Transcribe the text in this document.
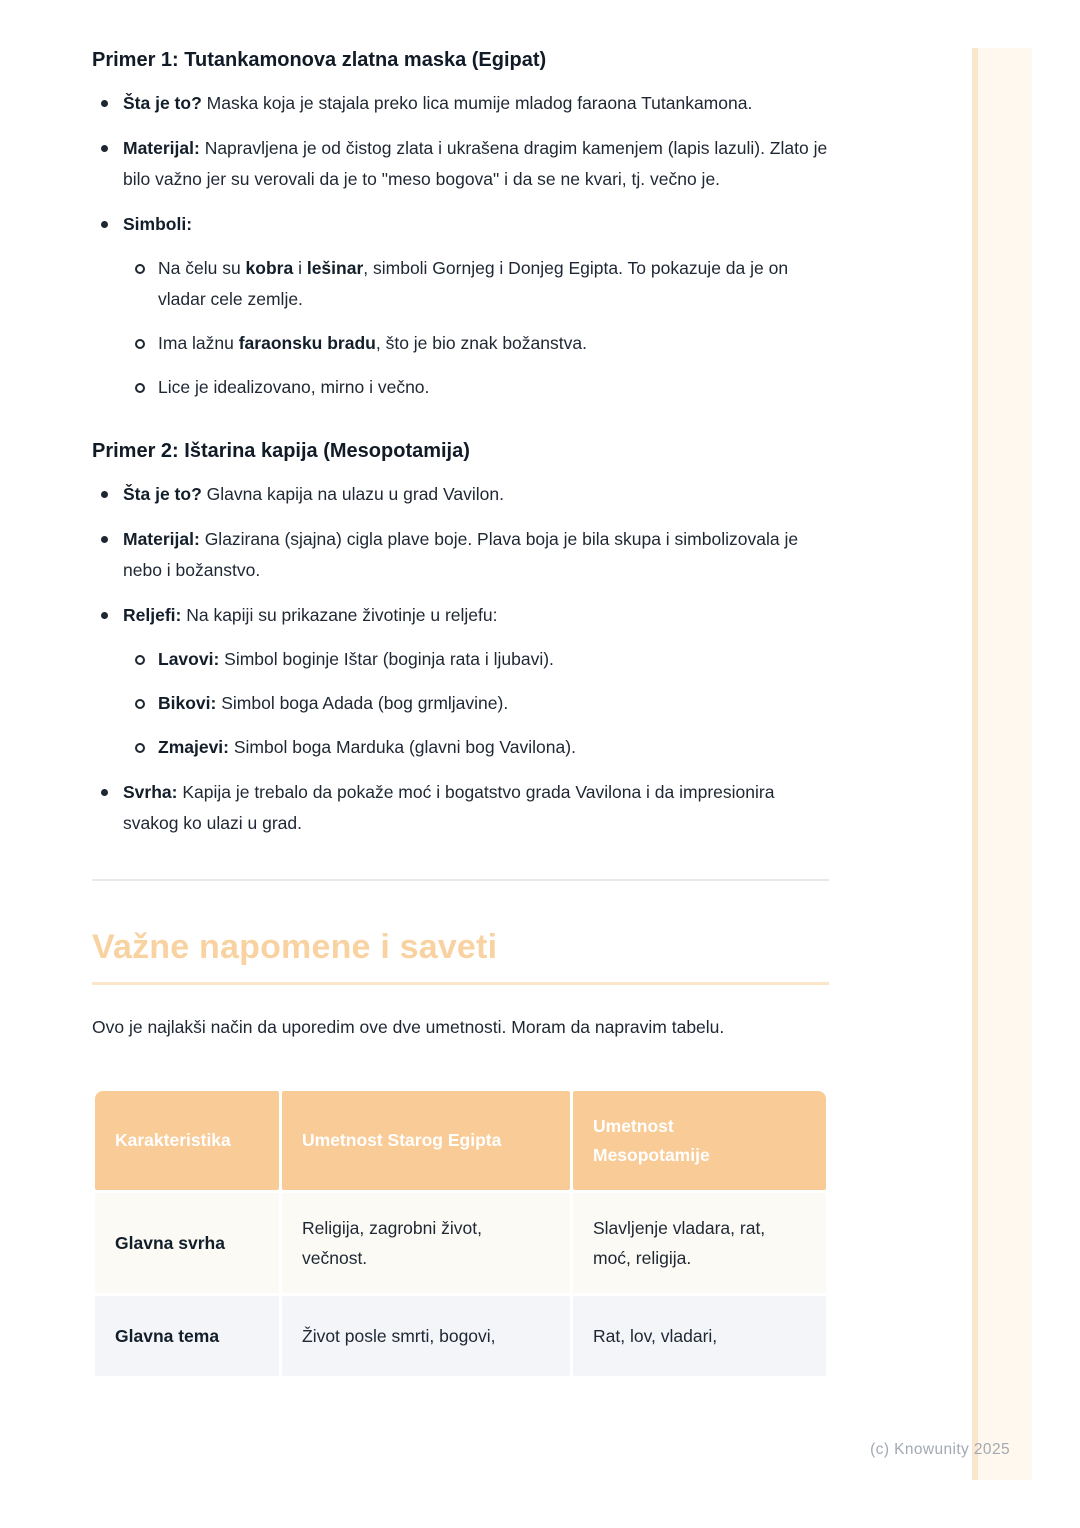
Primer 1: Tutankamonova zlatna maska (Egipat)
Šta je to? Maska koja je stajala preko lica mumije mladog faraona Tutankamona.
Materijal: Napravljena je od čistog zlata i ukrašena dragim kamenjem (lapis lazuli). Zlato je bilo važno jer su verovali da je to "meso bogova" i da se ne kvari, tj. večno je.
Simboli:
Na čelu su kobra i lešinar, simboli Gornjeg i Donjeg Egipta. To pokazuje da je on vladar cele zemlje.
Ima lažnu faraonsku bradu, što je bio znak božanstva.
Lice je idealizovano, mirno i večno.
Primer 2: Ištarina kapija (Mesopotamija)
Šta je to? Glavna kapija na ulazu u grad Vavilon.
Materijal: Glazirana (sjajna) cigla plave boje. Plava boja je bila skupa i simbolizovala je nebo i božanstvo.
Reljefi: Na kapiji su prikazane životinje u reljefu:
Lavovi: Simbol boginje Ištar (boginja rata i ljubavi).
Bikovi: Simbol boga Adada (bog grmljavine).
Zmajevi: Simbol boga Marduka (glavni bog Vavilona).
Svrha: Kapija je trebalo da pokaže moć i bogatstvo grada Vavilona i da impresionira svakog ko ulazi u grad.
Važne napomene i saveti

Ovo je najlakši način da uporedim ove dve umetnosti. Moram da napravim tabelu.

Karakteristika	Umetnost Starog Egipta	Umetnost Mesopotamije
Glavna svrha	Religija, zagrobni život, večnost.	Slavljenje vladara, rat, moć, religija.
Glavna tema	Život posle smrti, bogovi,	Rat, lov, vladari,
(c) Knowunity 2025
